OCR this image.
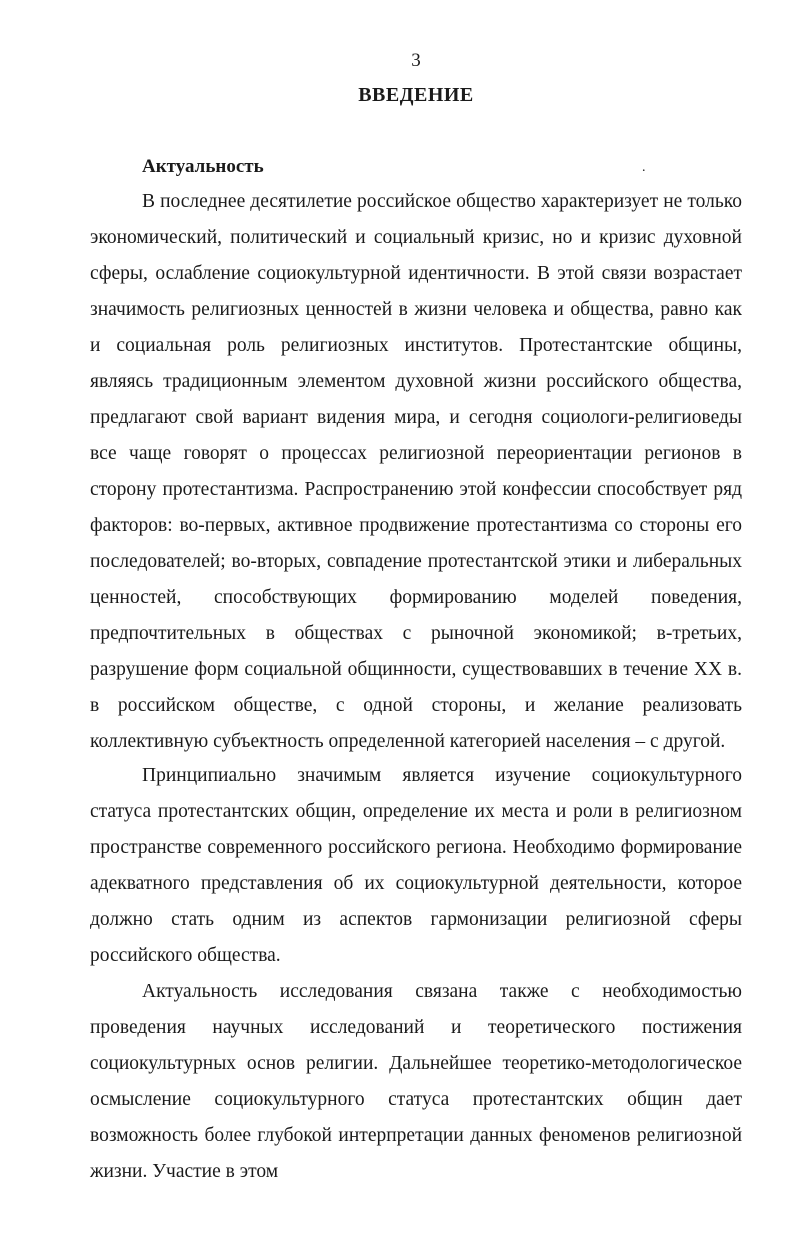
3
ВВЕДЕНИЕ
Актуальность	.

В последнее десятилетие российское общество характеризует не только экономический, политический и социальный кризис, но и кризис духовной сферы, ослабление социокультурной идентичности. В этой связи возрастает значимость религиозных ценностей в жизни человека и общества, равно как и социальная роль религиозных институтов. Протестантские общины, являясь традиционным элементом духовной жизни российского общества, предлагают свой вариант видения мира, и сегодня социологи-религиоведы все чаще говорят о процессах религиозной переориентации регионов в сторону протестантизма. Распространению этой конфессии способствует ряд факторов: во-первых, активное продвижение протестантизма со стороны его последователей; во-вторых, совпадение протестантской этики и либеральных ценностей, способствующих формированию моделей поведения, предпочтительных в обществах с рыночной экономикой; в-третьих, разрушение форм социальной общинности, существовавших в течение XX в. в российском обществе, с одной стороны, и желание реализовать коллективную субъектность определенной категорией населения – с другой.

Принципиально значимым является изучение социокультурного статуса протестантских общин, определение их места и роли в религиозном пространстве современного российского региона. Необходимо формирование адекватного представления об их социокультурной деятельности, которое должно стать одним из аспектов гармонизации религиозной сферы российского общества.

Актуальность исследования связана также с необходимостью проведения научных исследований и теоретического постижения социокультурных основ религии. Дальнейшее теоретико-методологическое осмысление социокультурного статуса протестантских общин дает возможность более глубокой интерпретации данных феноменов религиозной жизни. Участие в этом
